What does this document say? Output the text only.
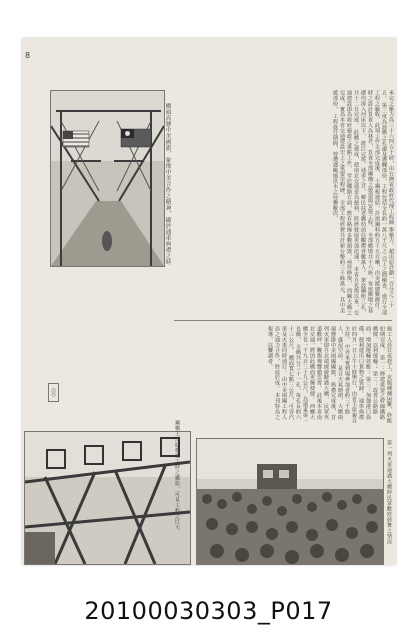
8
橋頭高懸中美國旗，象徵中美合作之精神，攝於通車典禮之時	米完之壓力為三十六四五十磅，由台灣省政府代理工程師 舉壓力，超出原計劃一百分之二十五。 第三度為該橋之孔邊及護欄部份，工程包括全長約一萬八千尺之 完工之間檢查，進行全部工程之驗收，此項工作全部完成後， 十鋼板連結，計需鋼料約五千五百噸，由美援總數撥付。 時之設計負責人為林君，負責全部鋼構之製造與安裝工程， 全部橋墩共十六座，每座橋墩之基礎均深入河床以下。 渡江完竣，通車之日，鄉民扶老攜幼前往觀禮者數萬人。 架設鋼桁三孔，共十二日完成。 此橋之建成，使南北交通更為便利，經濟發展更加迅速， 本省自光復以來，交通建設即為政府施政之重點工作， 至於鐵路方面，舊有路線多數損毀，亟待修復， 西螺大橋之完成，實為本省交通建設史上之重要里程碑， 全部工程經費共計新台幣約三千餘萬元，其中美援部份， 工程進行期間，曾遭遇颱風洪水之侵襲數次，
施工人員日夜趕工，克服種種困難，終能如期完成。 第一：修建重要之幹線鐵路橋樑，以利運輸； 第二：改善公路路面，增加運輸效能； 第三：加強港口設備，便利進出口貨物之裝卸。 通車典禮於四月一日上午十時舉行，由省主席親自主持， 中外來賓到場參加者約三千餘人，盛況空前。 是日天氣晴朗，大橋兩端懸掛中美兩國國旗， 典禮完成後，首列火車即自北端緩緩駛過大橋， 民眾夾道歡呼，鞭炮聲響徹雲霄。 此後本省南北交通，將因此橋而更臻便捷。 西螺大橋全長一千九百三十九公尺，為遠東第一長橋， 全橋共分三十一孔，每孔長約六十三公尺。 橋面寬七點三公尺，可容汽車及火車同時通行。 由中美兩國工程人員之通力合作，終底於成。 本刊特為之報導，以饗讀者。
（完）
鋼橋上部結構施工時之攝影，可見工程之巨大	第一列火車通過大橋時民眾歡欣鼓舞之情況
20100030303_P017
